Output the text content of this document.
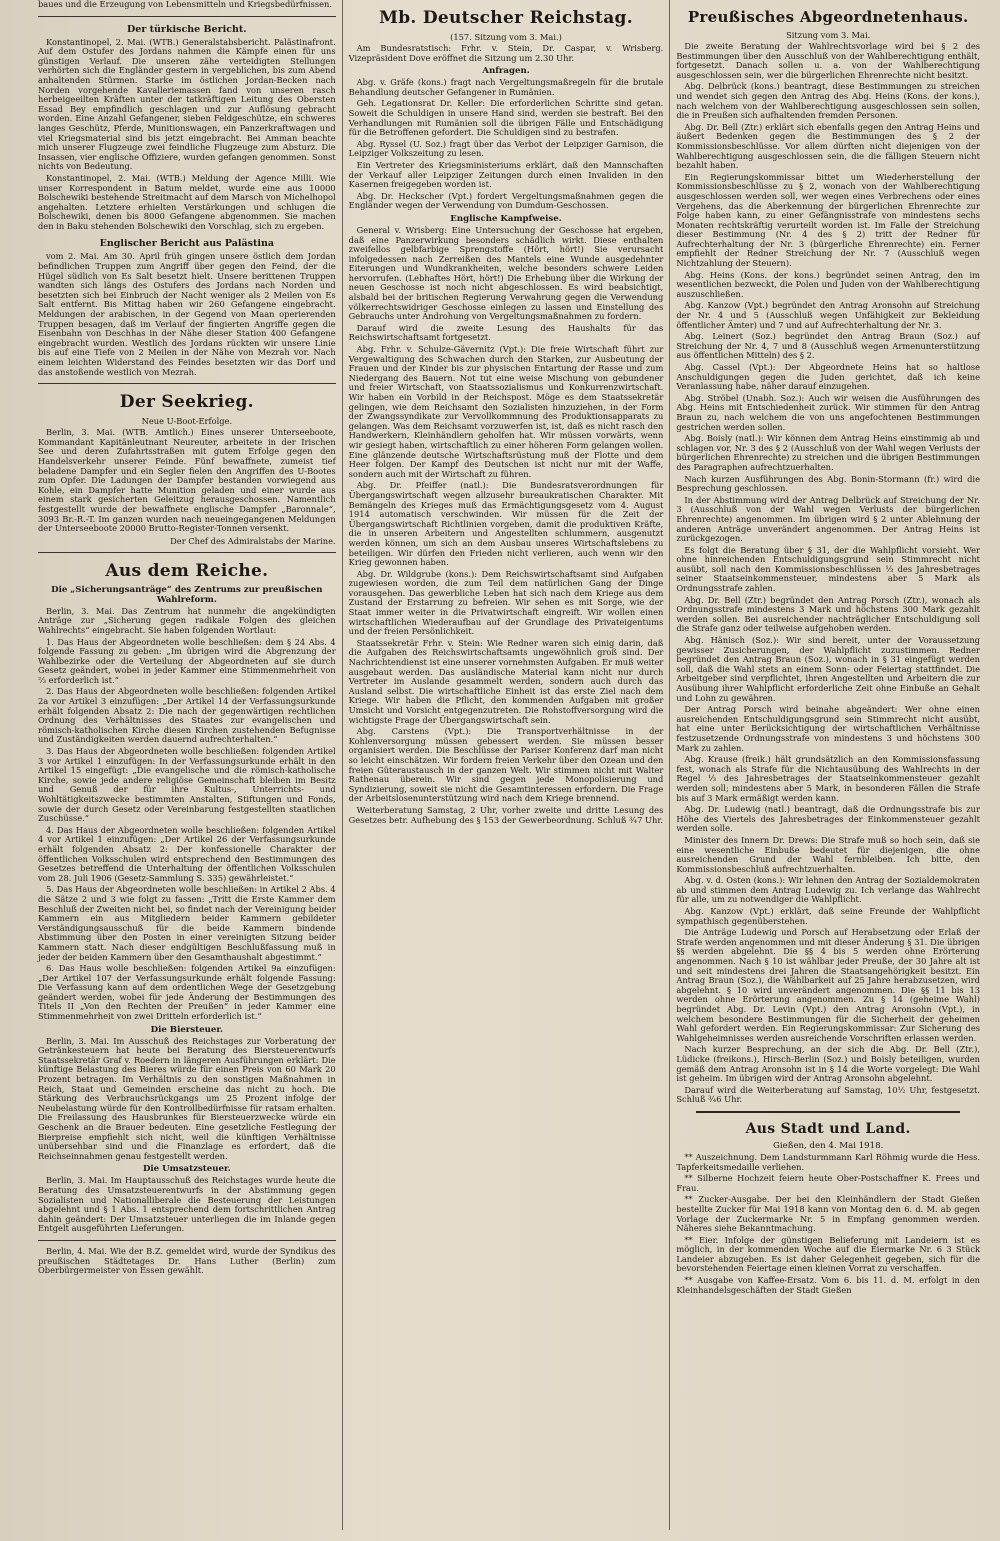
baues und die Erzeugung von Lebensmitteln und Kriegsbedürfnissen.

Der türkische Bericht.

Konstantinopel, 2. Mai. (WTB.) Generalstabsbericht. Palästinafront. Auf dem Ostufer des Jordans nahmen die Kämpfe einen für uns günstigen Verlauf. Die unseren zähe verteidigten Stellungen verhörten sich die Engländer gestern in vergeblichen, bis zum Abend anhaltenden Stürmen. Starke im östlichen Jordan-Becken nach Norden vorgehende Kavalleriemassen fand von unseren rasch herbeigeeilten Kräften unter der tatkräftigen Leitung des Obersten Essad Bey empfindlich geschlagen und zur Auflösung gebracht worden. Eine Anzahl Gefangener, sieben Feldgeschütze, ein schweres langes Geschütz, Pferde, Munitionswagen, ein Panzerkraftwagen und viel Kriegsmaterial sind bis jetzt eingebracht. Bei Amman beachte mich unserer Flugzeuge zwei feindliche Flugzeuge zum Absturz. Die Insassen, vier englische Offiziere, wurden gefangen genommen. Sonst nichts von Bedeutung.

Konstantinopel, 2. Mai. (WTB.) Meldung der Agence Milli. Wie unser Korrespondent in Batum meldet, wurde eine aus 10000 Bolschewiki bestehende Streitmacht auf dem Marsch von Michelhopol angehalten. Letztere erhielten Verstärkungen und schlugen die Bolschewiki, denen bis 8000 Gefangene abgenommen. Sie machen den in Baku stehenden Bolschewiki den Vorschlag, sich zu ergeben.

Englischer Bericht aus Palästina

vom 2. Mai. Am 30. April früh gingen unsere östlich dem Jordan befindlichen Truppen zum Angriff über gegen den Feind, der die Hügel südlich von Es Salt besetzt hielt. Unsere berittenen Truppen wandten sich längs des Ostufers des Jordans nach Norden und besetzten sich bei Einbruch der Nacht weniger als 2 Meilen von Es Salt entfernt. Bis Mittag haben wir 260 Gefangene eingebracht. Meldungen der arabischen, in der Gegend von Maan operierenden Truppen besagen, daß im Verlauf der fingierten Angriffe gegen die Eisenbahn von Deschhas in der Nähe dieser Station 400 Gefangene eingebracht wurden. Westlich des Jordans rückten wir unsere Linie bis auf eine Tiefe von 2 Meilen in der Nähe von Mezrah vor. Nach einem leichten Widerstand des Feindes besetzten wir das Dorf und das anstoßende westlich von Mezrah.

Der Seekrieg.
Neue U-Boot-Erfolge.

Berlin, 3. Mai. (WTB. Amtlich.) Eines unserer Unterseeboote, Kommandant Kapitänleutnant Neureuter, arbeitete in der Irischen See und deren Zufahrtsstraßen mit gutem Erfolge gegen den Handelsverkehr unserer Feinde. Fünf bewaffnete, zumeist tief beladene Dampfer und ein Segler fielen den Angriffen des U-Bootes zum Opfer. Die Ladungen der Dampfer bestanden vorwiegend aus Kohle, ein Dampfer hatte Munition geladen und einer wurde aus einem stark gesicherten Geleitzug herausgeschossen. Namentlich festgestellt wurde der bewaffnete englische Dampfer „Baronnale“, 3093 Br.-R.-T. Im ganzen wurden nach neueingegangenen Meldungen der Unterseeboote 20000 Brutto-Register-Tonnen versenkt.

Der Chef des Admiralstabs der Marine.
Aus dem Reiche.
Die „Sicherungsanträge“ des Zentrums zur preußischen Wahlreform.

Berlin, 3. Mai. Das Zentrum hat nunmehr die angekündigten Anträge zur „Sicherung gegen radikale Folgen des gleichen Wahlrechts“ eingebracht. Sie haben folgenden Wortlaut:

1. Das Haus der Abgeordneten wolle beschließen: dem § 24 Abs. 4 folgende Fassung zu geben: „Im übrigen wird die Abgrenzung der Wahlbezirke oder die Verteilung der Abgeordneten auf sie durch Gesetz geändert, wobei in jeder Kammer eine Stimmenmehrheit von ⅔ erforderlich ist.“

2. Das Haus der Abgeordneten wolle beschließen: folgenden Artikel 2a vor Artikel 3 einzufügen: „Der Artikel 14 der Verfassungsurkunde erhält folgenden Absatz 2: Die nach der gegenwärtigen rechtlichen Ordnung des Verhältnisses des Staates zur evangelischen und römisch-katholischen Kirche diesen Kirchen zustehenden Befugnisse und Zuständigkeiten werden dauernd aufrechterhalten.“

3. Das Haus der Abgeordneten wolle beschließen: folgenden Artikel 3 vor Artikel 1 einzufügen: In der Verfassungsurkunde erhält in den Artikel 15 eingefügt: „Die evangelische und die römisch-katholische Kirche, sowie jede andere religiöse Gemeinschaft bleiben im Besitz und Genuß der für ihre Kultus-, Unterrichts- und Wohltätigkeitszwecke bestimmten Anstalten, Stiftungen und Fonds, sowie der durch Gesetz oder Vereinbarung festgestellten staatlichen Zuschüsse.“

4. Das Haus der Abgeordneten wolle beschließen: folgenden Artikel 4 vor Artikel 1 einzufügen: „Der Artikel 26 der Verfassungsurkunde erhält folgenden Absatz 2: Der konfessionelle Charakter der öffentlichen Volksschulen wird entsprechend den Bestimmungen des Gesetzes betreffend die Unterhaltung der öffentlichen Volksschulen vom 28. Juli 1906 (Gesetz-Sammlung S. 335) gewährleistet.“

5. Das Haus der Abgeordneten wolle beschließen: in Artikel 2 Abs. 4 die Sätze 2 und 3 wie folgt zu fassen: „Tritt die Erste Kammer dem Beschluß der Zweiten nicht bei, so findet nach der Vereinigung beider Kammern ein aus Mitgliedern beider Kammern gebildeter Verständigungsausschuß für die beide Kammern bindende Abstimmung über den Posten in einer vereinigten Sitzung beider Kammern statt. Nach dieser endgültigen Beschlußfassung muß in jeder der beiden Kammern über den Gesamthaushalt abgestimmt.“

6. Das Haus wolle beschließen: folgenden Artikel 9a einzufügen: „Der Artikel 107 der Verfassungsurkunde erhält folgende Fassung: Die Verfassung kann auf dem ordentlichen Wege der Gesetzgebung geändert werden, wobei für jede Änderung der Bestimmungen des Titels II „Von den Rechten der Preußen“ in jeder Kammer eine Stimmenmehrheit von zwei Dritteln erforderlich ist.“

Die Biersteuer.

Berlin, 3. Mai. Im Ausschuß des Reichstages zur Vorberatung der Getränkesteuern hat heute bei Beratung des Biersteuerentwurfs Staatssekretär Graf v. Roedern in längeren Ausführungen erklärt: Die künftige Belastung des Bieres würde für einen Preis von 60 Mark 20 Prozent betragen. Im Verhältnis zu den sonstigen Maßnahmen in Reich, Staat und Gemeinden erscheine das nicht zu hoch. Die Stärkung des Verbrauchsrückgangs um 25 Prozent infolge der Neubelastung würde für den Kontrollbedürfnisse für ratsam erhalten. Die Freilassung des Hausbrunkes für Biersteuerzwecke würde ein Geschenk an die Brauer bedeuten. Eine gesetzliche Festlegung der Bierpreise empfiehlt sich nicht, weil die künftigen Verhältnisse unübersehbar sind und die Finanzlage es erfordert, daß die Reichseinnahmen genau festgestellt werden.

Die Umsatzsteuer.

Berlin, 3. Mai. Im Hauptausschuß des Reichstages wurde heute die Beratung des Umsatzsteuerentwurfs in der Abstimmung gegen Sozialisten und Nationalliberale die Besteuerung der Leistungen abgelehnt und § 1 Abs. 1 entsprechend dem fortschrittlichen Antrag dahin geändert: Der Umsatzsteuer unterliegen die im Inlande gegen Entgelt ausgeführten Lieferungen.

Berlin, 4. Mai. Wie der B.Z. gemeldet wird, wurde der Syndikus des preußischen Städtetages Dr. Hans Luther (Berlin) zum Oberbürgermeister von Essen gewählt.

Mb. Deutscher Reichstag.
(157. Sitzung vom 3. Mai.)

Am Bundesratstisch: Frhr. v. Stein, Dr. Caspar, v. Wrisberg. Vizepräsident Dove eröffnet die Sitzung um 2.30 Uhr.

Anfragen.

Abg. v. Gräfe (kons.) fragt nach Vergeltungsmaßregeln für die brutale Behandlung deutscher Gefangener in Rumänien.

Geh. Legationsrat Dr. Keller: Die erforderlichen Schritte sind getan. Soweit die Schuldigen in unsere Hand sind, werden sie bestraft. Bei den Verhandlungen mit Rumänien soll die übrigen Fälle und Entschädigung für die Betroffenen gefordert. Die Schuldigen sind zu bestrafen.

Abg. Ryssel (U. Soz.) fragt über das Verbot der Leipziger Garnison, die Leipziger Volkszeitung zu lesen.

Ein Vertreter des Kriegsministeriums erklärt, daß den Mannschaften der Verkauf aller Leipziger Zeitungen durch einen Invaliden in den Kasernen freigegeben worden ist.

Abg. Dr. Heckscher (Vpt.) fordert Vergeltungsmaßnahmen gegen die Engländer wegen der Verwendung von Dumdum-Geschossen.

Englische Kampfweise.

General v. Wrisberg: Eine Untersuchung der Geschosse hat ergeben, daß eine Panzerwirkung besonders schädlich wirkt. Diese enthalten zweifellos gelbfarbige Sprengstoffe (Hört, hört!) Sie verursacht infolgedessen nach Zerreißen des Mantels eine Wunde ausgedehnter Eiterungen und Wundkrankheiten, welche besonders schwere Leiden hervorrufen. (Lebhaftes Hört, hört!) Die Erhebung über die Wirkung der neuen Geschosse ist noch nicht abgeschlossen. Es wird beabsichtigt, alsbald bei der britischen Regierung Verwahrung gegen die Verwendung völkerrechtswidriger Geschosse einlegen zu lassen und Einstellung des Gebrauchs unter Androhung von Vergeltungsmaßnahmen zu fordern.

Darauf wird die zweite Lesung des Haushalts für das Reichswirtschaftsamt fortgesetzt.

Abg. Frhr. v. Schulze-Gävernitz (Vpt.): Die freie Wirtschaft führt zur Vergewaltigung des Schwachen durch den Starken, zur Ausbeutung der Frauen und der Kinder bis zur physischen Entartung der Rasse und zum Niedergang des Bauern. Not tut eine weise Mischung von gebundener und freier Wirtschaft, von Staatssozialismus und Konkurrenzwirtschaft. Wir haben ein Vorbild in der Reichspost. Möge es dem Staatssekretär gelingen, wie dem Reichsamt den Sozialisten hinzuziehen, in der Form der Zwangssyndikate zur Vervollkommnung des Produktionsapparats zu gelangen. Was dem Reichsamt vorzuwerfen ist, ist, daß es nicht rasch den Handwerkern, Kleinhändlern geholfen hat. Wir müssen vorwärts, wenn wir gesiegt haben, wirtschaftlich zu einer höheren Form gelangen wollen. Eine glänzende deutsche Wirtschaftsrüstung muß der Flotte und dem Heer folgen. Der Kampf des Deutschen ist nicht nur mit der Waffe, sondern auch mit der Wirtschaft zu führen.

Abg. Dr. Pfeiffer (natl.): Die Bundesratsverordnungen für Übergangswirtschaft wegen allzusehr bureaukratischen Charakter. Mit Bemängeln des Krieges muß das Ermächtigungsgesetz vom 4. August 1914 automatisch verschwinden. Wir müssen für die Zeit der Übergangswirtschaft Richtlinien vorgeben, damit die produktiven Kräfte, die in unseren Arbeitern und Angestellten schlummern, ausgenutzt werden können, um sich an dem Ausbau unseres Wirtschaftslebens zu beteiligen. Wir dürfen den Frieden nicht verlieren, auch wenn wir den Krieg gewonnen haben.

Abg. Dr. Wildgrube (kons.): Dem Reichswirtschaftsamt sind Aufgaben zugewiesen worden, die zum Teil dem natürlichen Gang der Dinge vorausgehen. Das gewerbliche Leben hat sich nach dem Kriege aus dem Zustand der Erstarrung zu befreien. Wir sehen es mit Sorge, wie der Staat immer weiter in die Privatwirtschaft eingreift. Wir wollen einen wirtschaftlichen Wiederaufbau auf der Grundlage des Privateigentums und der freien Persönlichkeit.

Staatssekretär Frhr. v. Stein: Wie Redner waren sich einig darin, daß die Aufgaben des Reichswirtschaftsamts ungewöhnlich groß sind. Der Nachrichtendienst ist eine unserer vornehmsten Aufgaben. Er muß weiter ausgebaut werden. Das ausländische Material kann nicht nur durch Vertreter im Auslande gesammelt werden, sondern auch durch das Ausland selbst. Die wirtschaftliche Einheit ist das erste Ziel nach dem Kriege. Wir haben die Pflicht, den kommenden Aufgaben mit großer Umsicht und Vorsicht entgegenzutreten. Die Rohstoffversorgung wird die wichtigste Frage der Übergangswirtschaft sein.

Abg. Carstens (Vpt.): Die Transportverhältnisse in der Kohlenversorgung müssen gebessert werden. Sie müssen besser organisiert werden. Die Beschlüsse der Pariser Konferenz darf man nicht so leicht einschätzen. Wir fordern freien Verkehr über den Ozean und den freien Güteraustausch in der ganzen Welt. Wir stimmen nicht mit Walter Rathenau überein. Wir sind gegen jede Monopolisierung und Syndizierung, soweit sie nicht die Gesamtinteressen erfordern. Die Frage der Arbeitslosenunterstützung wird nach dem Kriege brennend.

Weiterberatung Samstag, 2 Uhr, vorher zweite und dritte Lesung des Gesetzes betr. Aufhebung des § 153 der Gewerbeordnung. Schluß ¾7 Uhr.

Preußisches Abgeordnetenhaus.
Sitzung vom 3. Mai.

Die zweite Beratung der Wahlrechtsvorlage wird bei § 2 des Bestimmungen über den Ausschluß von der Wahlberechtigung enthält, fortgesetzt. Danach sollen u. a. von der Wahlberechtigung ausgeschlossen sein, wer die bürgerlichen Ehrenrechte nicht besitzt.

Abg. Delbrück (kons.) beantragt, diese Bestimmungen zu streichen und wendet sich gegen den Antrag des Abg. Heins (Kons. der kons.), nach welchem von der Wahlberechtigung ausgeschlossen sein sollen, die in Preußen sich aufhaltenden fremden Personen.

Abg. Dr. Bell (Ztr.) erklärt sich ebenfalls gegen den Antrag Heins und äußert Bedenken gegen die Bestimmungen des § 2 der Kommissionsbeschlüsse. Vor allem dürften nicht diejenigen von der Wahlberechtigung ausgeschlossen sein, die die fälligen Steuern nicht bezahlt haben.

Ein Regierungskommissar bittet um Wiederherstellung der Kommissionsbeschlüsse zu § 2, wonach von der Wahlberechtigung ausgeschlossen werden soll, wer wegen eines Verbrechens oder eines Vergehens, das die Aberkennung der bürgerlichen Ehrenrechte zur Folge haben kann, zu einer Gefängnisstrafe von mindestens sechs Monaten rechtskräftig verurteilt worden ist. Im Falle der Streichung dieser Bestimmung (Nr. 4 des § 2) tritt der Redner für Aufrechterhaltung der Nr. 3 (bürgerliche Ehrenrechte) ein. Ferner empfiehlt der Redner Streichung der Nr. 7 (Ausschluß wegen Nichtzahlung der Steuern).

Abg. Heins (Kons. der kons.) begründet seinen Antrag, den im wesentlichen bezweckt, die Polen und Juden von der Wahlberechtigung auszuschließen.

Abg. Kanzow (Vpt.) begründet den Antrag Aronsohn auf Streichung der Nr. 4 und 5 (Ausschluß wegen Unfähigkeit zur Bekleidung öffentlicher Ämter) und 7 und auf Aufrechterhaltung der Nr. 3.

Abg. Leinert (Soz.) begründet den Antrag Braun (Soz.) auf Streichung der Nr. 4, 7 und 8 (Ausschluß wegen Armenunterstützung aus öffentlichen Mitteln) des § 2.

Abg. Cassel (Vpt.): Der Abgeordnete Heins hat so haltlose Anschuldigungen gegen die Juden gerichtet, daß ich keine Veranlassung habe, näher darauf einzugehen.

Abg. Ströbel (Unabh. Soz.): Auch wir weisen die Ausführungen des Abg. Heins mit Entschiedenheit zurück. Wir stimmen für den Antrag Braun zu, nach welchem die von uns angefochtenen Bestimmungen gestrichen werden sollen.

Abg. Boisly (natl.): Wir können dem Antrag Heins einstimmig ab und schlagen vor, Nr. 3 des § 2 (Ausschluß von der Wahl wegen Verlusts der bürgerlichen Ehrenrechte) zu streichen und die übrigen Bestimmungen des Paragraphen aufrechtzuerhalten.

Nach kurzen Ausführungen des Abg. Bonin-Stormann (fr.) wird die Besprechung geschlossen.

In der Abstimmung wird der Antrag Delbrück auf Streichung der Nr. 3 (Ausschluß von der Wahl wegen Verlusts der bürgerlichen Ehrenrechte) angenommen. Im übrigen wird § 2 unter Ablehnung der anderen Anträge unverändert angenommen. Der Antrag Heins ist zurückgezogen.

Es folgt die Beratung über § 31, der die Wahlpflicht vorsieht. Wer ohne hinreichenden Entschuldigungsgrund sein Stimmrecht nicht ausübt, soll nach den Kommissionsbeschlüssen ⅟₃ des Jahresbetrages seiner Staatseinkommensteuer, mindestens aber 5 Mark als Ordnungsstrafe zahlen.

Abg. Dr. Bell (Ztr.) begründet den Antrag Porsch (Ztr.), wonach als Ordnungsstrafe mindestens 3 Mark und höchstens 300 Mark gezahlt werden sollen. Bei ausreichender nachträglicher Entschuldigung soll die Strafe ganz oder teilweise aufgehoben werden.

Abg. Hänisch (Soz.): Wir sind bereit, unter der Voraussetzung gewisser Zusicherungen, der Wahlpflicht zuzustimmen. Redner begründet den Antrag Braun (Soz.), wonach in § 31 eingefügt werden soll, daß die Wahl stets an einem Sonn- oder Feiertag stattfindet. Die Arbeitgeber sind verpflichtet, ihren Angestellten und Arbeitern die zur Ausübung ihrer Wahlpflicht erforderliche Zeit ohne Einbuße an Gehalt und Lohn zu gewähren.

Der Antrag Porsch wird beinahe abgeändert: Wer ohne einen ausreichenden Entschuldigungsgrund sein Stimmrecht nicht ausübt, hat eine unter Berücksichtigung der wirtschaftlichen Verhältnisse festzusetzende Ordnungsstrafe von mindestens 3 und höchstens 300 Mark zu zahlen.

Abg. Krause (freik.) hält grundsätzlich an den Kommissionsfassung fest, wonach als Strafe für die Nichtausübung des Wahlrechts in der Regel ⅟₃ des Jahresbetrages der Staatseinkommensteuer gezahlt werden soll; mindestens aber 5 Mark, in besonderen Fällen die Strafe bis auf 3 Mark ermäßigt werden kann.

Abg. Dr. Ludewig (natl.) beantragt, daß die Ordnungsstrafe bis zur Höhe des Viertels des Jahresbetrages der Einkommensteuer gezahlt werden solle.

Minister des Innern Dr. Drews: Die Strafe muß so hoch sein, daß sie eine wesentliche Einbuße bedeutet für diejenigen, die ohne ausreichenden Grund der Wahl fernbleiben. Ich bitte, den Kommissionsbeschluß aufrechtzuerhalten.

Abg. v. d. Osten (kons.): Wir lehnen den Antrag der Sozialdemokraten ab und stimmen dem Antrag Ludewig zu. Ich verlange das Wahlrecht für alle, um zu notwendiger die Wahlpflicht.

Abg. Kanzow (Vpt.) erklärt, daß seine Freunde der Wahlpflicht sympathisch gegenüberstehen.

Die Anträge Ludewig und Porsch auf Herabsetzung oder Erlaß der Strafe werden angenommen und mit dieser Änderung § 31. Die übrigen §§ werden abgelehnt. Die §§ 4 bis 5 werden ohne Erörterung angenommen. Nach § 10 ist wählbar jeder Preuße, der 30 Jahre alt ist und seit mindestens drei Jahren die Staatsangehörigkeit besitzt. Ein Antrag Braun (Soz.), die Wählbarkeit auf 25 Jahre herabzusetzen, wird abgelehnt. § 10 wird unverändert angenommen. Die §§ 11 bis 13 werden ohne Erörterung angenommen. Zu § 14 (geheime Wahl) begründet Abg. Dr. Levin (Vpt.) den Antrag Aronsohn (Vpt.), in welchem besondere Bestimmungen für die Sicherheit der geheimen Wahl gefordert werden. Ein Regierungskommissar: Zur Sicherung des Wahlgeheimnisses werden ausreichende Vorschriften erlassen werden.

Nach kurzer Besprechung, an der sich die Abg. Dr. Bell (Ztr.), Lüdicke (freikons.), Hirsch-Berlin (Soz.) und Boisly beteiligen, wurden gemäß dem Antrag Aronsohn ist in § 14 die Worte vorgelegt: Die Wahl ist geheim. Im übrigen wird der Antrag Aronsohn abgelehnt.

Darauf wird die Weiterberatung auf Samstag, 10½ Uhr, festgesetzt. Schluß ¾6 Uhr.

Aus Stadt und Land.
Gießen, den 4. Mai 1918.

** Auszeichnung. Dem Landsturmmann Karl Röhmig wurde die Hess. Tapferkeitsmedaille verliehen.

** Silberne Hochzeit feiern heute Ober-Postschaffner K. Frees und Frau.

** Zucker-Ausgabe. Der bei den Kleinhändlern der Stadt Gießen bestellte Zucker für Mai 1918 kann von Montag den 6. d. M. ab gegen Vorlage der Zuckermarke Nr. 5 in Empfang genommen werden. Näheres siehe Bekanntmachung.

** Eier. Infolge der günstigen Belieferung mit Landeiern ist es möglich, in der kommenden Woche auf die Eiermarke Nr. 6 3 Stück Landeier abzugeben. Es ist daher Gelegenheit gegeben, sich für die bevorstehenden Feiertage einen kleinen Vorrat zu verschaffen.

** Ausgabe von Kaffee-Ersatz. Vom 6. bis 11. d. M. erfolgt in den Kleinhandelsgeschäften der Stadt Gießen
